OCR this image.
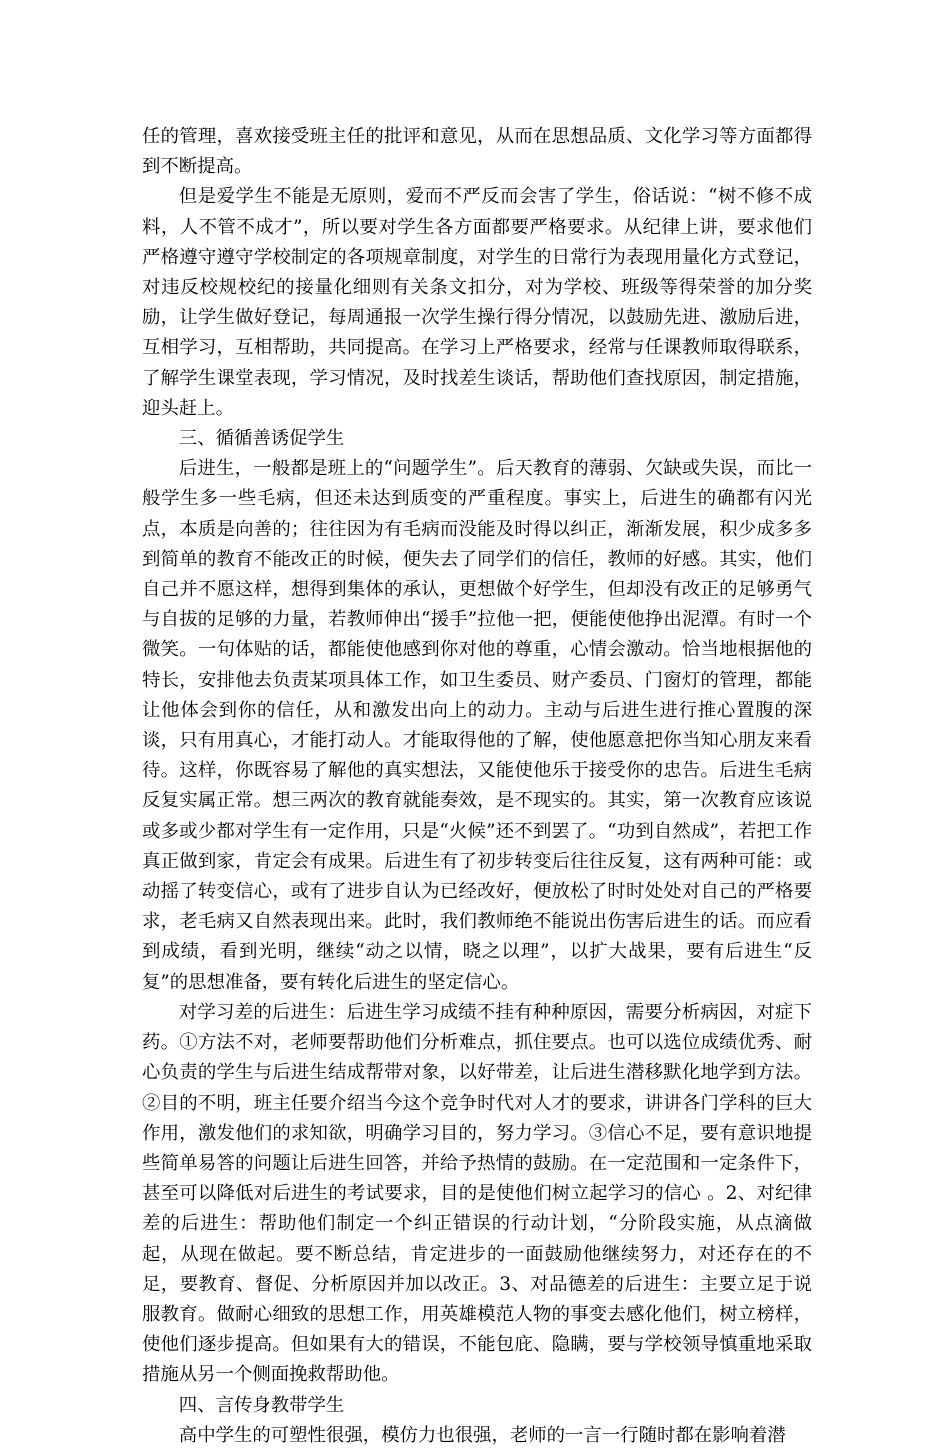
任的管理，喜欢接受班主任的批评和意见，从而在思想品质、文化学习等方面都得到不断提高。

但是爱学生不能是无原则，爱而不严反而会害了学生，俗话说：“树不修不成料，人不管不成才”，所以要对学生各方面都要严格要求。从纪律上讲，要求他们严格遵守遵守学校制定的各项规章制度，对学生的日常行为表现用量化方式登记，对违反校规校纪的接量化细则有关条文扣分，对为学校、班级等得荣誉的加分奖励，让学生做好登记，每周通报一次学生操行得分情况，以鼓励先进、激励后进，互相学习，互相帮助，共同提高。在学习上严格要求，经常与任课教师取得联系，了解学生课堂表现，学习情况，及时找差生谈话，帮助他们查找原因，制定措施，迎头赶上。

三、循循善诱促学生

后进生，一般都是班上的“问题学生”。后天教育的薄弱、欠缺或失误，而比一般学生多一些毛病，但还未达到质变的严重程度。事实上，后进生的确都有闪光点，本质是向善的；往往因为有毛病而没能及时得以纠正，渐渐发展，积少成多多到简单的教育不能改正的时候，便失去了同学们的信任，教师的好感。其实，他们自己并不愿这样，想得到集体的承认，更想做个好学生，但却没有改正的足够勇气与自拔的足够的力量，若教师伸出“援手”拉他一把，便能使他挣出泥潭。有时一个微笑。一句体贴的话，都能使他感到你对他的尊重，心情会激动。恰当地根据他的特长，安排他去负责某项具体工作，如卫生委员、财产委员、门窗灯的管理，都能让他体会到你的信任，从和激发出向上的动力。主动与后进生进行推心置腹的深谈，只有用真心，才能打动人。才能取得他的了解，使他愿意把你当知心朋友来看待。这样，你既容易了解他的真实想法，又能使他乐于接受你的忠告。后进生毛病反复实属正常。想三两次的教育就能奏效，是不现实的。其实，第一次教育应该说或多或少都对学生有一定作用，只是“火候”还不到罢了。“功到自然成”，若把工作真正做到家，肯定会有成果。后进生有了初步转变后往往反复，这有两种可能：或动摇了转变信心，或有了进步自认为已经改好，便放松了时时处处对自己的严格要求，老毛病又自然表现出来。此时，我们教师绝不能说出伤害后进生的话。而应看到成绩，看到光明，继续“动之以情，晓之以理”，以扩大战果，要有后进生“反复”的思想准备，要有转化后进生的坚定信心。

对学习差的后进生：后进生学习成绩不挂有种种原因，需要分析病因，对症下药。①方法不对，老师要帮助他们分析难点，抓住要点。也可以选位成绩优秀、耐心负责的学生与后进生结成帮带对象，以好带差，让后进生潜移默化地学到方法。②目的不明，班主任要介绍当今这个竞争时代对人才的要求，讲讲各门学科的巨大作用，激发他们的求知欲，明确学习目的，努力学习。③信心不足，要有意识地提些简单易答的问题让后进生回答，并给予热情的鼓励。在一定范围和一定条件下，甚至可以降低对后进生的考试要求，目的是使他们树立起学习的信心 。2、对纪律差的后进生：帮助他们制定一个纠正错误的行动计划，“分阶段实施，从点滴做起，从现在做起。要不断总结，肯定进步的一面鼓励他继续努力，对还存在的不足，要教育、督促、分析原因并加以改正。3、对品德差的后进生：主要立足于说服教育。做耐心细致的思想工作，用英雄模范人物的事变去感化他们，树立榜样，使他们逐步提高。但如果有大的错误，不能包庇、隐瞒，要与学校领导慎重地采取措施从另一个侧面挽救帮助他。

四、言传身教带学生

高中学生的可塑性很强，模仿力也很强，老师的一言一行随时都在影响着潜
